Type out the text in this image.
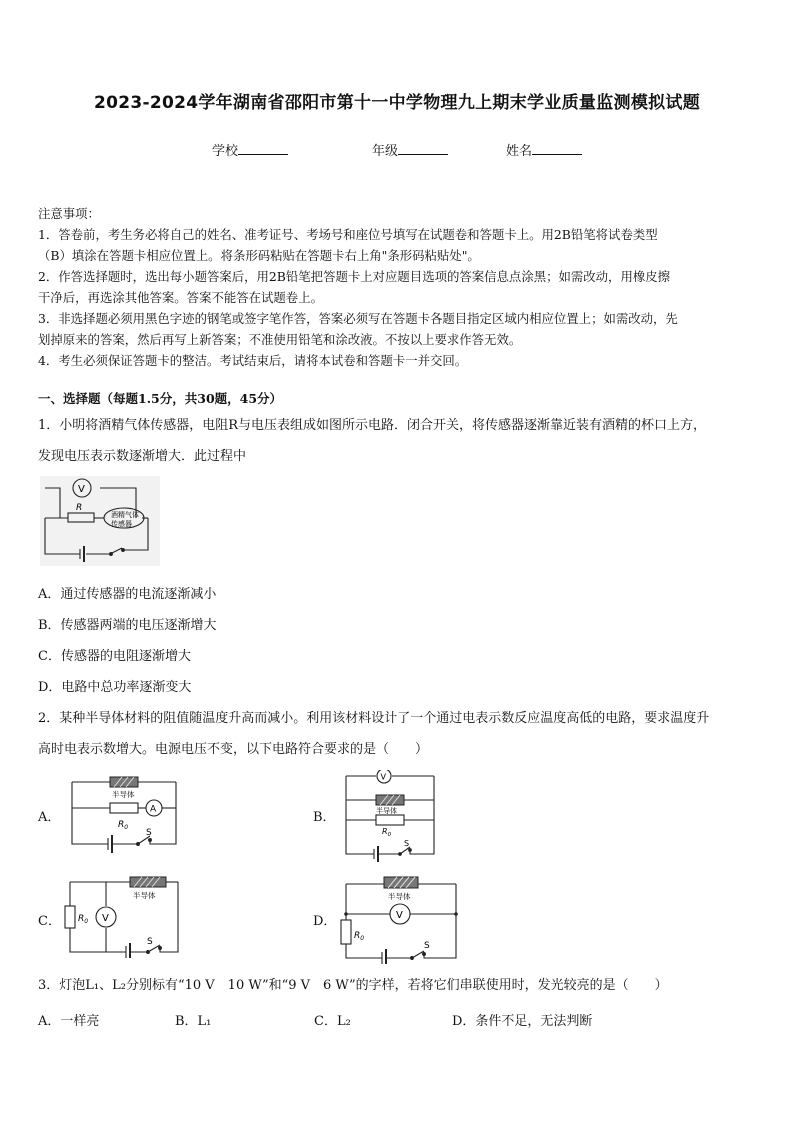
2023-2024学年湖南省邵阳市第十一中学物理九上期末学业质量监测模拟试题
学校	年级	姓名
注意事项：
1．答卷前，考生务必将自己的姓名、准考证号、考场号和座位号填写在试题卷和答题卡上。用2B铅笔将试卷类型
（B）填涂在答题卡相应位置上。将条形码粘贴在答题卡右上角"条形码粘贴处"。
2．作答选择题时，选出每小题答案后，用2B铅笔把答题卡上对应题目选项的答案信息点涂黑；如需改动，用橡皮擦
干净后，再选涂其他答案。答案不能答在试题卷上。
3．非选择题必须用黑色字迹的钢笔或签字笔作答，答案必须写在答题卡各题目指定区域内相应位置上；如需改动，先
划掉原来的答案，然后再写上新答案；不准使用铅笔和涂改液。不按以上要求作答无效。
4．考生必须保证答题卡的整洁。考试结束后，请将本试卷和答题卡一并交回。
一、选择题（每题1.5分，共30题，45分）
1．小明将酒精气体传感器，电阻R与电压表组成如图所示电路．闭合开关，将传感器逐渐靠近装有酒精的杯口上方，
发现电压表示数逐渐增大．此过程中
V
R
酒精气体
传感器
A．通过传感器的电流逐渐减小
B．传感器两端的电压逐渐增大
C．传感器的电阻逐渐增大
D．电路中总功率逐渐变大
2．某种半导体材料的阻值随温度升高而减小。利用该材料设计了一个通过电表示数反应温度高低的电路，要求温度升
高时电表示数增大。电源电压不变，以下电路符合要求的是（　　）
A．
半导体
A
$R_0$
S
B．
V
半导体
$R_0$
S
C．
半导体
V
$R_0$
S
D．
半导体
V
$R_0$
S
3．灯泡L₁、L₂分别标有“10 V　10 W”和“9 V　6 W”的字样，若将它们串联使用时，发光较亮的是（　　）
A．一样亮	B．L₁	C．L₂	D．条件不足，无法判断
